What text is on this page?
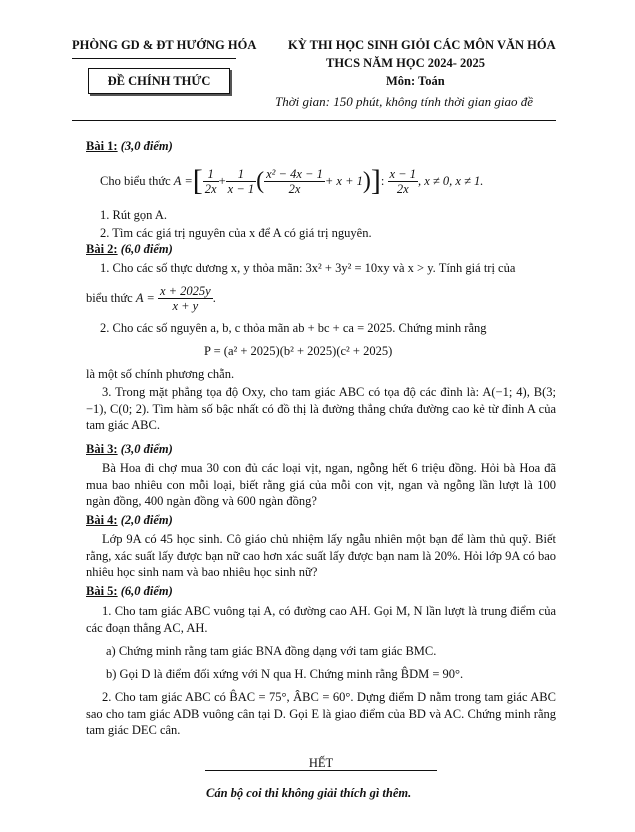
PHÒNG GD & ĐT HƯỚNG HÓA	KỲ THI HỌC SINH GIỎI CÁC MÔN VĂN HÓA
THCS NĂM HỌC 2024- 2025
Môn: Toán
ĐỀ CHÍNH THỨC
Thời gian: 150 phút, không tính thời gian giao đề
Bài 1: (3,0 điểm)
Cho biểu thức
A = [ $\frac{1}{2x} + \frac{1}{x - 1}$ ( $\frac{\text{x² − 4x − 1}}{2x} + x + 1$ ) ] :
$\frac{x - 1}{2x}$ , x ≠ 0, x ≠ 1.
1. Rút gọn A.
2. Tìm các giá trị nguyên của x để A có giá trị nguyên.
Bài 2: (6,0 điểm)
1. Cho các số thực dương x, y thỏa mãn: 3x² + 3y² = 10xy và x > y. Tính giá trị của
biểu thức
A =
$\frac{x + 2025y}{x + y}$ .
2. Cho các số nguyên a, b, c thỏa mãn ab + bc + ca = 2025. Chứng minh rằng
P = (a² + 2025)(b² + 2025)(c² + 2025)
là một số chính phương chẵn.
3. Trong mặt phẳng tọa độ Oxy, cho tam giác ABC có tọa độ các đỉnh là: A(−1; 4), B(3; −1), C(0; 2). Tìm hàm số bậc nhất có đồ thị là đường thẳng chứa đường cao kẻ từ đỉnh A của tam giác ABC.
Bài 3: (3,0 điểm)
Bà Hoa đi chợ mua 30 con đủ các loại vịt, ngan, ngỗng hết 6 triệu đồng. Hỏi bà Hoa đã mua bao nhiêu con mỗi loại, biết rằng giá của mỗi con vịt, ngan và ngỗng lần lượt là 100 ngàn đồng, 400 ngàn đồng và 600 ngàn đồng?
Bài 4: (2,0 điểm)
Lớp 9A có 45 học sinh. Cô giáo chủ nhiệm lấy ngẫu nhiên một bạn để làm thủ quỹ. Biết rằng, xác suất lấy được bạn nữ cao hơn xác suất lấy được bạn nam là 20%. Hỏi lớp 9A có bao nhiêu học sinh nam và bao nhiêu học sinh nữ?
Bài 5: (6,0 điểm)
1. Cho tam giác ABC vuông tại A, có đường cao AH. Gọi M, N lần lượt là trung điểm của các đoạn thẳng AC, AH.
a) Chứng minh rằng tam giác BNA đồng dạng với tam giác BMC.
b) Gọi D là điểm đối xứng với N qua H. Chứng minh rằng B̂DM = 90°.
2. Cho tam giác ABC có B̂AC = 75°, ÂBC = 60°. Dựng điểm D nằm trong tam giác ABC sao cho tam giác ADB vuông cân tại D. Gọi E là giao điểm của BD và AC. Chứng minh rằng tam giác DEC cân.
HẾT
Cán bộ coi thi không giải thích gì thêm.
